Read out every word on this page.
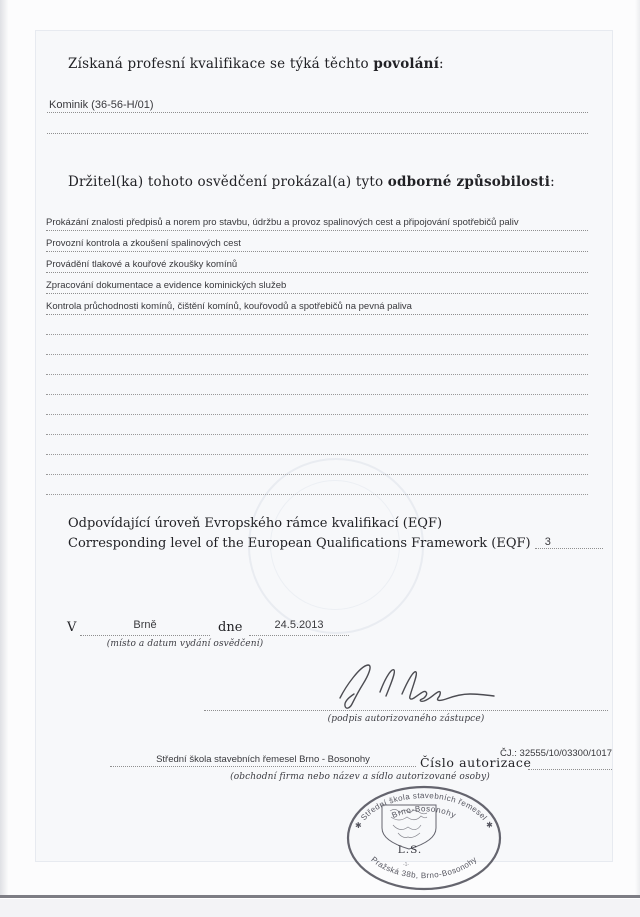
Získaná profesní kvalifikace se týká těchto povolání:
Kominik (36-56-H/01)
Držitel(ka) tohoto osvědčení prokázal(a) tyto odborné způsobilosti:
Prokázání znalosti předpisů a norem pro stavbu, údržbu a provoz spalinových cest a připojování spotřebičů paliv
Provozní kontrola a zkoušení spalinových cest
Provádění tlakové a kouřové zkoušky komínů
Zpracování dokumentace a evidence kominických služeb
Kontrola průchodnosti komínů, čištění komínů, kouřovodů a spotřebičů na pevná paliva
Odpovídající úroveň Evropského rámce kvalifikací (EQF)
Corresponding level of the European Qualifications Framework (EQF) 3
V	Brně	dne	24.5.2013
(místo a datum vydání osvědčení)
(podpis autorizovaného zástupce)
Střední škola stavebních řemesel Brno - Bosonohy
ČJ.: 32555/10/03300/1017
Číslo autorizace
(obchodní firma nebo název a sídlo autorizované osoby)
✱ Střední škola stavebních řemesel ✱
Brno-Bosonohy
Pražská 38b, Brno-Bosonohy
L.S.
-1-
